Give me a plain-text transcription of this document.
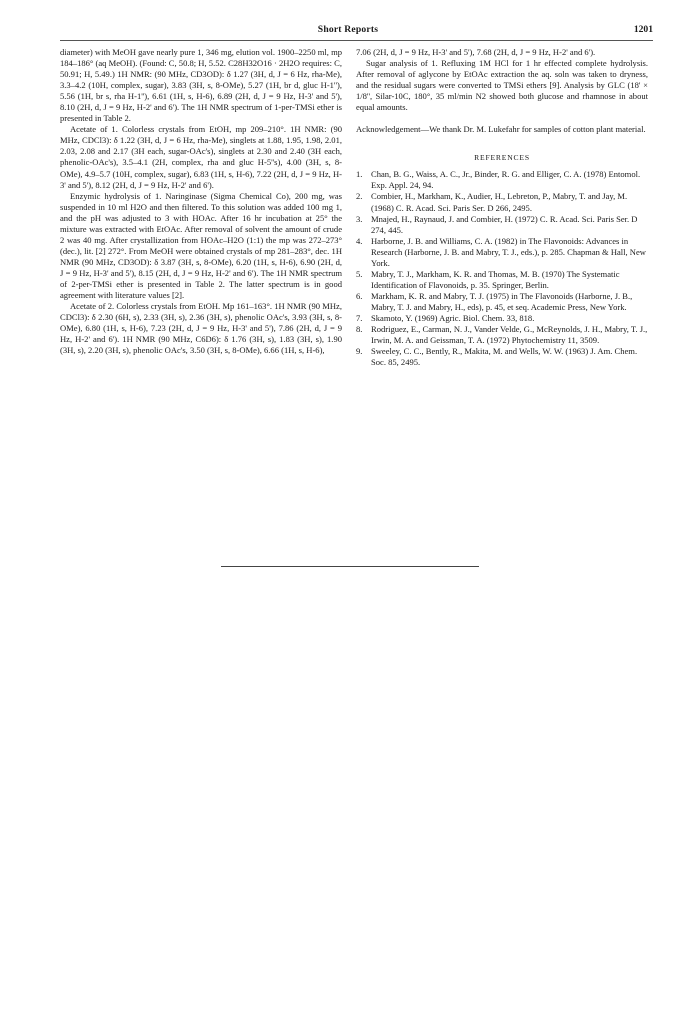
Short Reports	1201

diameter) with MeOH gave nearly pure 1, 346 mg, elution vol. 1900–2250 ml, mp 184–186° (aq MeOH). (Found: C, 50.8; H, 5.52. C28H32O16 · 2H2O requires: C, 50.91; H, 5.49.) 1H NMR: (90 MHz, CD3OD): δ 1.27 (3H, d, J = 6 Hz, rha-Me), 3.3–4.2 (10H, complex, sugar), 3.83 (3H, s, 8-OMe), 5.27 (1H, br d, gluc H-1''), 5.56 (1H, br s, rha H-1''), 6.61 (1H, s, H-6), 6.89 (2H, d, J = 9 Hz, H-3' and 5'), 8.10 (2H, d, J = 9 Hz, H-2' and 6'). The 1H NMR spectrum of 1-per-TMSi ether is presented in Table 2.

Acetate of 1. Colorless crystals from EtOH, mp 209–210°. 1H NMR: (90 MHz, CDCl3): δ 1.22 (3H, d, J = 6 Hz, rha-Me), singlets at 1.88, 1.95, 1.98, 2.01, 2.03, 2.08 and 2.17 (3H each, sugar-OAc's), singlets at 2.30 and 2.40 (3H each, phenolic-OAc's), 3.5–4.1 (2H, complex, rha and gluc H-5''s), 4.00 (3H, s, 8-OMe), 4.9–5.7 (10H, complex, sugar), 6.83 (1H, s, H-6), 7.22 (2H, d, J = 9 Hz, H-3' and 5'), 8.12 (2H, d, J = 9 Hz, H-2' and 6').

Enzymic hydrolysis of 1. Naringinase (Sigma Chemical Co), 200 mg, was suspended in 10 ml H2O and then filtered. To this solution was added 100 mg 1, and the pH was adjusted to 3 with HOAc. After 16 hr incubation at 25° the mixture was extracted with EtOAc. After removal of solvent the amount of crude 2 was 40 mg. After crystallization from HOAc–H2O (1:1) the mp was 272–273° (dec.), lit. [2] 272°. From MeOH were obtained crystals of mp 281–283°, dec. 1H NMR (90 MHz, CD3OD): δ 3.87 (3H, s, 8-OMe), 6.20 (1H, s, H-6), 6.90 (2H, d, J = 9 Hz, H-3' and 5'), 8.15 (2H, d, J = 9 Hz, H-2' and 6'). The 1H NMR spectrum of 2-per-TMSi ether is presented in Table 2. The latter spectrum is in good agreement with literature values [2].

Acetate of 2. Colorless crystals from EtOH. Mp 161–163°. 1H NMR (90 MHz, CDCl3): δ 2.30 (6H, s), 2.33 (3H, s), 2.36 (3H, s), phenolic OAc's, 3.93 (3H, s, 8-OMe), 6.80 (1H, s, H-6), 7.23 (2H, d, J = 9 Hz, H-3' and 5'), 7.86 (2H, d, J = 9 Hz, H-2' and 6'). 1H NMR (90 MHz, C6D6): δ 1.76 (3H, s), 1.83 (3H, s), 1.90 (3H, s), 2.20 (3H, s), phenolic OAc's, 3.50 (3H, s, 8-OMe), 6.66 (1H, s, H-6),

7.06 (2H, d, J = 9 Hz, H-3' and 5'), 7.68 (2H, d, J = 9 Hz, H-2' and 6').

Sugar analysis of 1. Refluxing 1M HCl for 1 hr effected complete hydrolysis. After removal of aglycone by EtOAc extraction the aq. soln was taken to dryness, and the residual sugars were converted to TMSi ethers [9]. Analysis by GLC (18' × 1/8'', Silar-10C, 180°, 35 ml/min N2 showed both glucose and rhamnose in about equal amounts.

Acknowledgement—We thank Dr. M. Lukefahr for samples of cotton plant material.

REFERENCES

1. Chan, B. G., Waiss, A. C., Jr., Binder, R. G. and Elliger, C. A. (1978) Entomol. Exp. Appl. 24, 94.

2. Combier, H., Markham, K., Audier, H., Lebreton, P., Mabry, T. and Jay, M. (1968) C. R. Acad. Sci. Paris Ser. D 266, 2495.

3. Mnajed, H., Raynaud, J. and Combier, H. (1972) C. R. Acad. Sci. Paris Ser. D 274, 445.

4. Harborne, J. B. and Williams, C. A. (1982) in The Flavonoids: Advances in Research (Harborne, J. B. and Mabry, T. J., eds.), p. 285. Chapman & Hall, New York.

5. Mabry, T. J., Markham, K. R. and Thomas, M. B. (1970) The Systematic Identification of Flavonoids, p. 35. Springer, Berlin.

6. Markham, K. R. and Mabry, T. J. (1975) in The Flavonoids (Harborne, J. B., Mabry, T. J. and Mabry, H., eds), p. 45, et seq. Academic Press, New York.

7. Skamoto, Y. (1969) Agric. Biol. Chem. 33, 818.

8. Rodriguez, E., Carman, N. J., Vander Velde, G., McReynolds, J. H., Mabry, T. J., Irwin, M. A. and Geissman, T. A. (1972) Phytochemistry 11, 3509.

9. Sweeley, C. C., Bently, R., Makita, M. and Wells, W. W. (1963) J. Am. Chem. Soc. 85, 2495.
